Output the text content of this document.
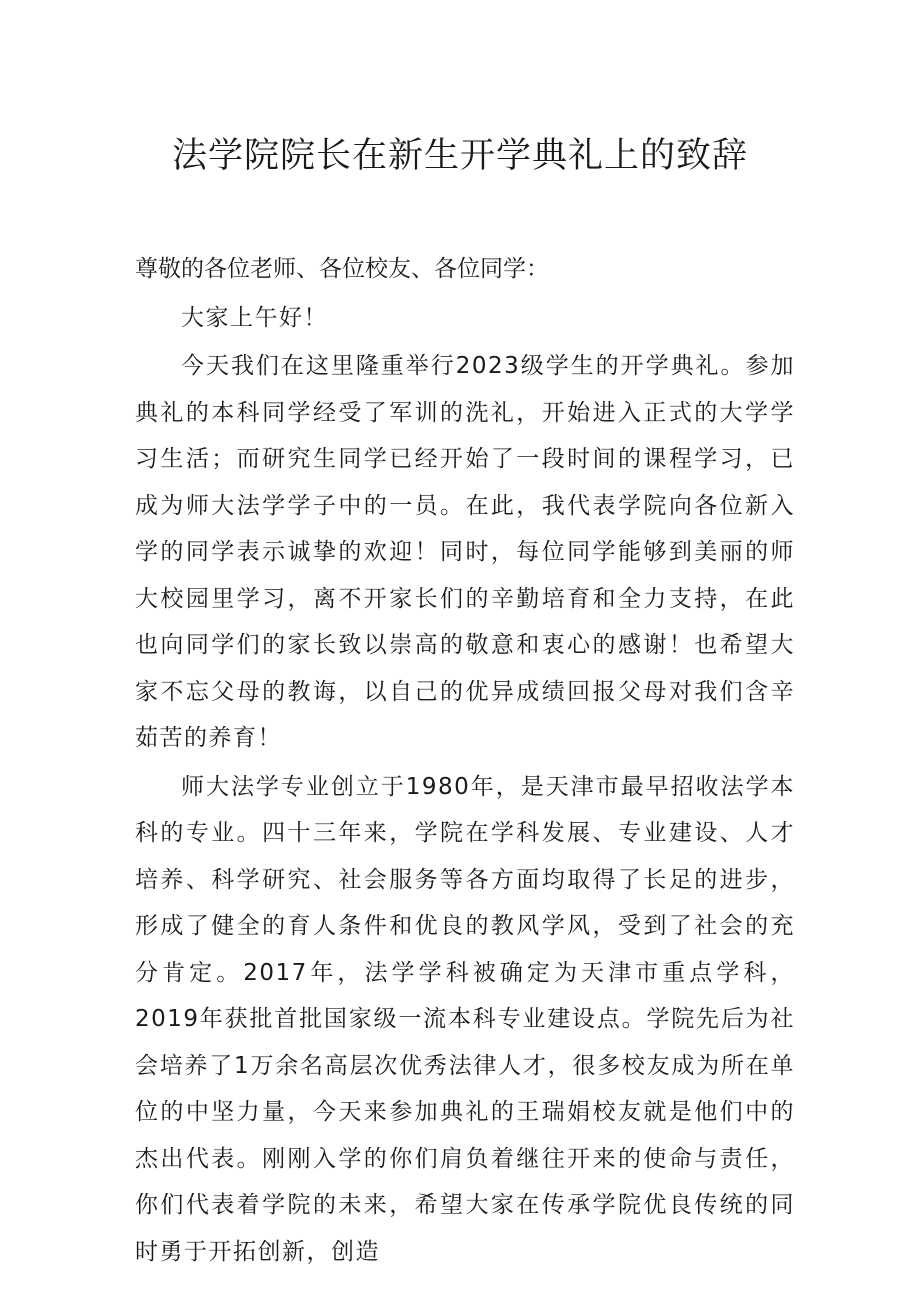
法学院院长在新生开学典礼上的致辞

尊敬的各位老师、各位校友、各位同学：

大家上午好！

今天我们在这里隆重举行2023级学生的开学典礼。参加典礼的本科同学经受了军训的洗礼，开始进入正式的大学学习生活；而研究生同学已经开始了一段时间的课程学习，已成为师大法学学子中的一员。在此，我代表学院向各位新入学的同学表示诚挚的欢迎！同时，每位同学能够到美丽的师大校园里学习，离不开家长们的辛勤培育和全力支持，在此也向同学们的家长致以崇高的敬意和衷心的感谢！也希望大家不忘父母的教诲，以自己的优异成绩回报父母对我们含辛茹苦的养育！

师大法学专业创立于1980年，是天津市最早招收法学本科的专业。四十三年来，学院在学科发展、专业建设、人才培养、科学研究、社会服务等各方面均取得了长足的进步，形成了健全的育人条件和优良的教风学风，受到了社会的充分肯定。2017年，法学学科被确定为天津市重点学科，2019年获批首批国家级一流本科专业建设点。学院先后为社会培养了1万余名高层次优秀法律人才，很多校友成为所在单位的中坚力量，今天来参加典礼的王瑞娟校友就是他们中的杰出代表。刚刚入学的你们肩负着继往开来的使命与责任，你们代表着学院的未来，希望大家在传承学院优良传统的同时勇于开拓创新，创造
